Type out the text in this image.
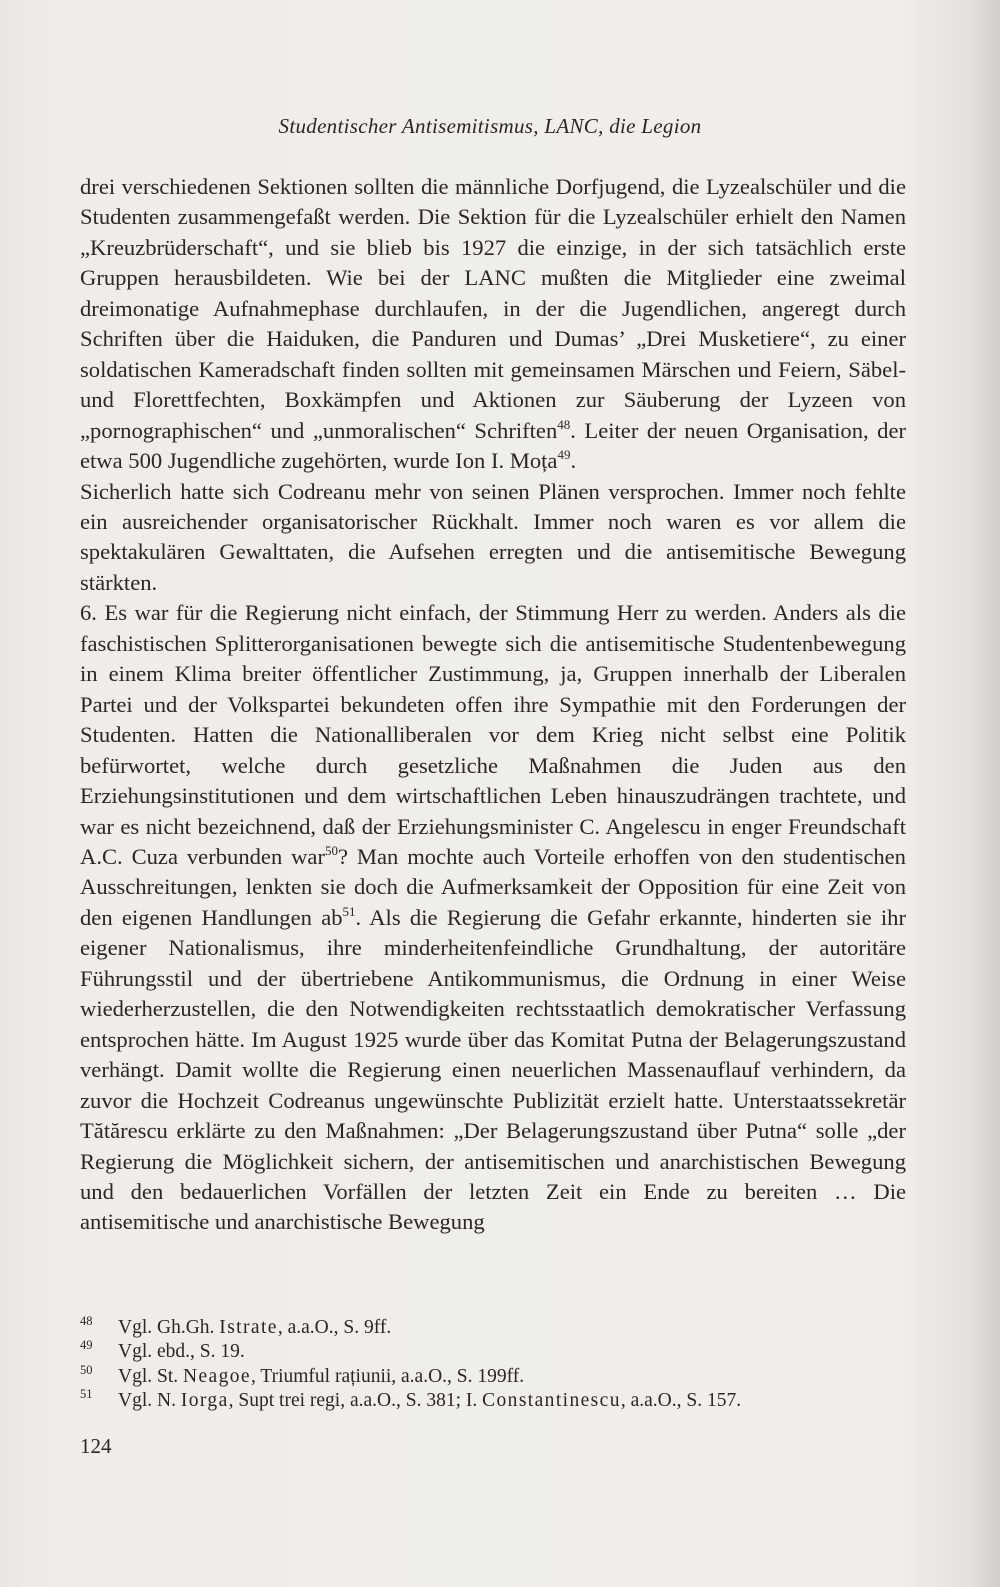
Studentischer Antisemitismus, LANC, die Legion

drei verschiedenen Sektionen sollten die männliche Dorfjugend, die Lyzealschüler und die Studenten zusammengefaßt werden. Die Sektion für die Lyzealschüler erhielt den Namen „Kreuzbrüderschaft“, und sie blieb bis 1927 die einzige, in der sich tatsächlich erste Gruppen herausbildeten. Wie bei der LANC mußten die Mitglieder eine zweimal dreimonatige Aufnahmephase durchlaufen, in der die Jugendlichen, angeregt durch Schriften über die Haiduken, die Panduren und Dumas’ „Drei Musketiere“, zu einer soldatischen Kameradschaft finden sollten mit gemeinsamen Märschen und Feiern, Säbel- und Florettfechten, Boxkämpfen und Aktionen zur Säuberung der Lyzeen von „pornographischen“ und „unmoralischen“ Schriften$^{48}$. Leiter der neuen Organisation, der etwa 500 Jugendliche zugehörten, wurde Ion I. Moța$^{49}$.

Sicherlich hatte sich Codreanu mehr von seinen Plänen versprochen. Immer noch fehlte ein ausreichender organisatorischer Rückhalt. Immer noch waren es vor allem die spektakulären Gewalttaten, die Aufsehen erregten und die antisemitische Bewegung stärkten.

6. Es war für die Regierung nicht einfach, der Stimmung Herr zu werden. Anders als die faschistischen Splitterorganisationen bewegte sich die antisemitische Studentenbewegung in einem Klima breiter öffentlicher Zustimmung, ja, Gruppen innerhalb der Liberalen Partei und der Volkspartei bekundeten offen ihre Sympathie mit den Forderungen der Studenten. Hatten die Nationalliberalen vor dem Krieg nicht selbst eine Politik befürwortet, welche durch gesetzliche Maßnahmen die Juden aus den Erziehungsinstitutionen und dem wirtschaftlichen Leben hinauszudrängen trachtete, und war es nicht bezeichnend, daß der Erziehungsminister C. Angelescu in enger Freundschaft A.C. Cuza verbunden war$^{50}$? Man mochte auch Vorteile erhoffen von den studentischen Ausschreitungen, lenkten sie doch die Aufmerksamkeit der Opposition für eine Zeit von den eigenen Handlungen $ab^{51}$. Als die Regierung die Gefahr erkannte, hinderten sie ihr eigener Nationalismus, ihre minderheitenfeindliche Grundhaltung, der autoritäre Führungsstil und der übertriebene Antikommunismus, die Ordnung in einer Weise wiederherzustellen, die den Notwendigkeiten rechtsstaatlich demokratischer Verfassung entsprochen hätte. Im August 1925 wurde über das Komitat Putna der Belagerungszustand verhängt. Damit wollte die Regierung einen neuerlichen Massenauflauf verhindern, da zuvor die Hochzeit Codreanus ungewünschte Publizität erzielt hatte. Unterstaatssekretär Tătărescu erklärte zu den Maßnahmen: „Der Belagerungszustand über Putna“ solle „der Regierung die Möglichkeit sichern, der antisemitischen und anarchistischen Bewegung und den bedauerlichen Vorfällen der letzten Zeit ein Ende zu bereiten … Die antisemitische und anarchistische Bewegung

48 Vgl. Gh.Gh. Istrate, a.a.O., S. 9ff.
49 Vgl. ebd., S. 19.
50 Vgl. St. Neagoe, Triumful rațiunii, a.a.O., S. 199ff.
51 Vgl. N. Iorga, Supt trei regi, a.a.O., S. 381; I. Constantinescu, a.a.O., S. 157.
124
